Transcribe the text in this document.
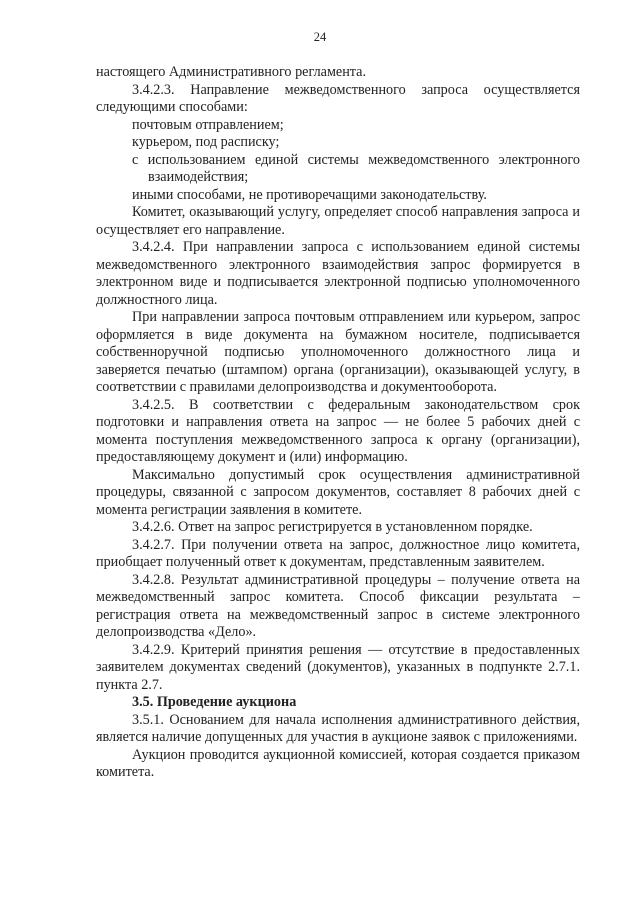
24

настоящего Административного регламента.

3.4.2.3. Направление межведомственного запроса осуществляется следующими способами:

почтовым отправлением;

курьером, под расписку;

с использованием единой системы межведомственного электронного взаимодействия;

иными способами, не противоречащими законодательству.

Комитет, оказывающий услугу, определяет способ направления запроса и осуществляет его направление.

3.4.2.4. При направлении запроса с использованием единой системы межведомственного электронного взаимодействия запрос формируется в электронном виде и подписывается электронной подписью уполномоченного должностного лица.

При направлении запроса почтовым отправлением или курьером, запрос оформляется в виде документа на бумажном носителе, подписывается собственноручной подписью уполномоченного должностного лица и заверяется печатью (штампом) органа (организации), оказывающей услугу, в соответствии с правилами делопроизводства и документооборота.

3.4.2.5. В соответствии с федеральным законодательством срок подготовки и направления ответа на запрос — не более 5 рабочих дней с момента поступления межведомственного запроса к органу (организации), предоставляющему документ и (или) информацию.

Максимально допустимый срок осуществления административной процедуры, связанной с запросом документов, составляет 8 рабочих дней с момента регистрации заявления в комитете.

3.4.2.6. Ответ на запрос регистрируется в установленном порядке.

3.4.2.7. При получении ответа на запрос, должностное лицо комитета, приобщает полученный ответ к документам, представленным заявителем.

3.4.2.8. Результат административной процедуры – получение ответа на межведомственный запрос комитета. Способ фиксации результата – регистрация ответа на межведомственный запрос в системе электронного делопроизводства «Дело».

3.4.2.9. Критерий принятия решения — отсутствие в предоставленных заявителем документах сведений (документов), указанных в подпункте 2.7.1. пункта 2.7.

3.5. Проведение аукциона

3.5.1. Основанием для начала исполнения административного действия, является наличие допущенных для участия в аукционе заявок с приложениями.

Аукцион проводится аукционной комиссией, которая создается приказом комитета.
